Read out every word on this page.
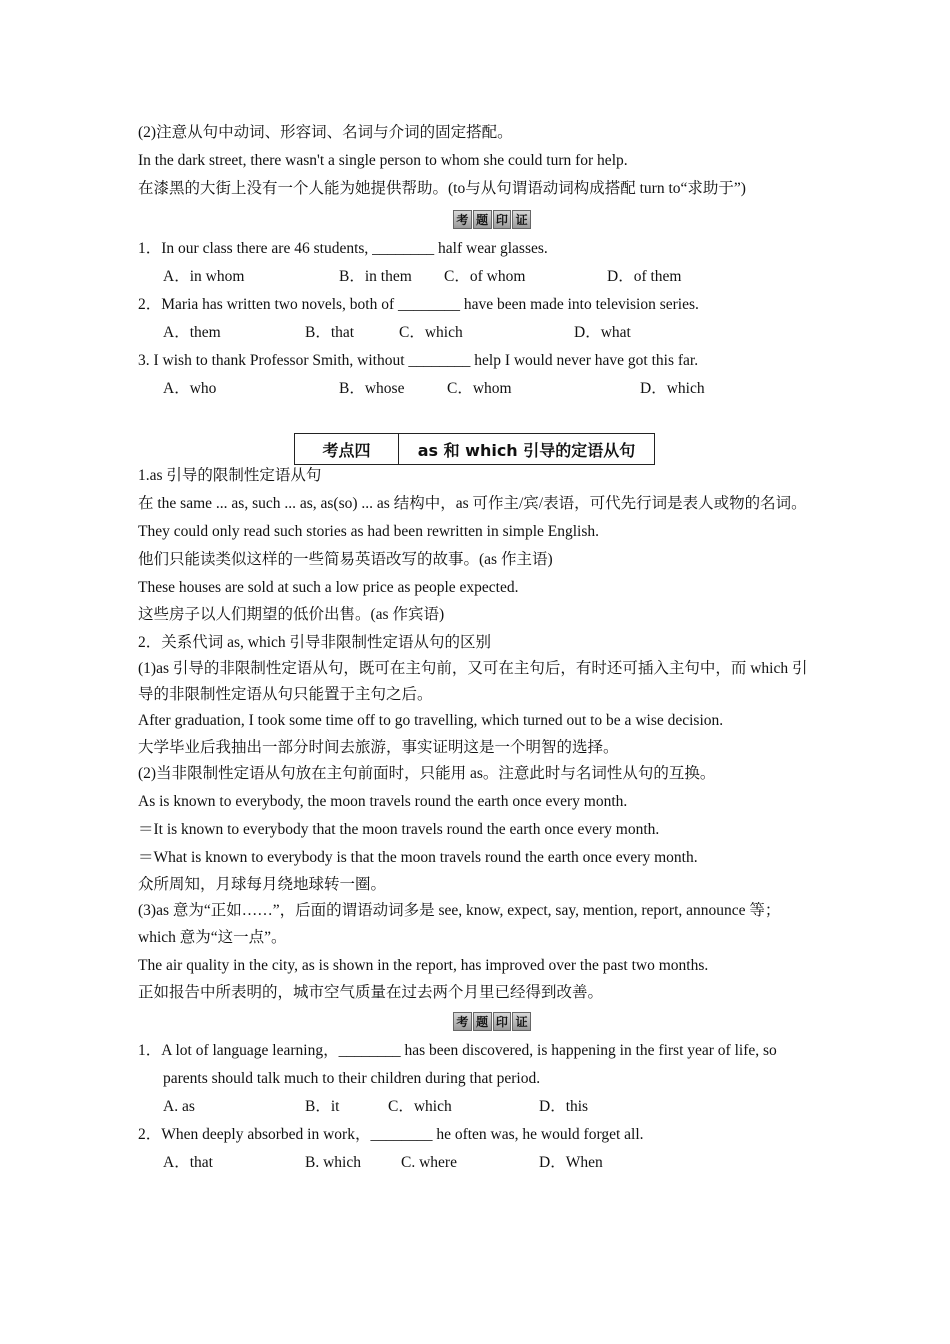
(2)注意从句中动词、形容词、名词与介词的固定搭配。
In the dark street, there wasn't a single person to whom she could turn for help.
在漆黑的大街上没有一个人能为她提供帮助。(to与从句谓语动词构成搭配 turn to“求助于”)
考 题 印 证
1．In our class there are 46 students, ________ half wear glasses.
A．in whom	B．in them C．of whom	D．of them
2．Maria has written two novels, both of ________ have been made into television series.
A．them	B．that	C．which	D．what
3. I wish to thank Professor Smith, without ________ help I would never have got this far.
A．who	B．whose	C．whom	D．which
考点四	as 和 which 引导的定语从句
1.as 引导的限制性定语从句
在 the same ... as, such ... as, as(so) ... as 结构中，as 可作主/宾/表语，可代先行词是表人或物的名词。
They could only read such stories as had been rewritten in simple English.
他们只能读类似这样的一些简易英语改写的故事。(as 作主语)
These houses are sold at such a low price as people expected.
这些房子以人们期望的低价出售。(as 作宾语)
2．关系代词 as, which 引导非限制性定语从句的区别
(1)as 引导的非限制性定语从句，既可在主句前，又可在主句后，有时还可插入主句中，而 which 引
导的非限制性定语从句只能置于主句之后。
After graduation, I took some time off to go travelling, which turned out to be a wise decision.
大学毕业后我抽出一部分时间去旅游，事实证明这是一个明智的选择。
(2)当非限制性定语从句放在主句前面时，只能用 as。注意此时与名词性从句的互换。
As is known to everybody, the moon travels round the earth once every month.
＝It is known to everybody that the moon travels round the earth once every month.
＝What is known to everybody is that the moon travels round the earth once every month.
众所周知，月球每月绕地球转一圈。
(3)as 意为“正如……”，后面的谓语动词多是 see, know, expect, say, mention, report, announce 等；
which 意为“这一点”。
The air quality in the city, as is shown in the report, has improved over the past two months.
正如报告中所表明的，城市空气质量在过去两个月里已经得到改善。
考 题 印 证
1．A lot of language learning，________ has been discovered, is happening in the first year of life, so
parents should talk much to their children during that period.
A. as	B．it	C．which	D．this
2．When deeply absorbed in work，________ he often was, he would forget all.
A．that	B. which	C. where	D．When
